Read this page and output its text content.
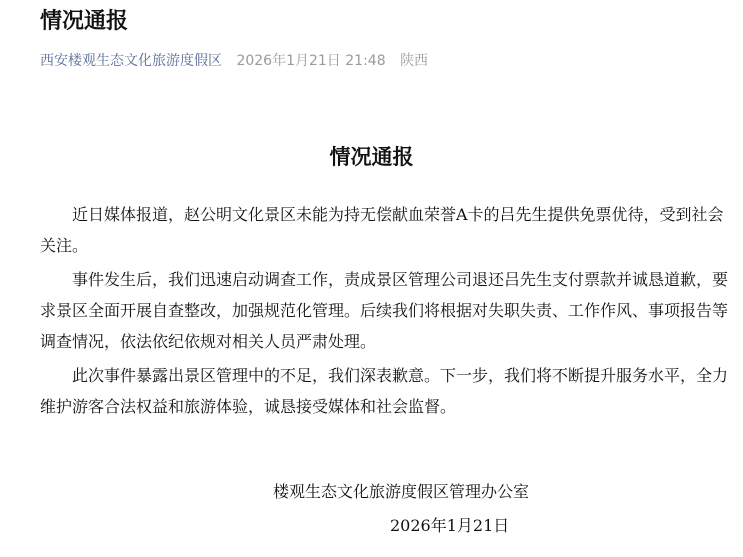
情况通报
西安楼观生态文化旅游度假区 2026年1月21日 21:48 陕西
情况通报

近日媒体报道，赵公明文化景区未能为持无偿献血荣誉A卡的吕先生提供免票优待，受到社会关注。

事件发生后，我们迅速启动调查工作，责成景区管理公司退还吕先生支付票款并诚恳道歉，要求景区全面开展自查整改，加强规范化管理。后续我们将根据对失职失责、工作作风、事项报告等调查情况，依法依纪依规对相关人员严肃处理。

此次事件暴露出景区管理中的不足，我们深表歉意。下一步，我们将不断提升服务水平，全力维护游客合法权益和旅游体验，诚恳接受媒体和社会监督。

楼观生态文化旅游度假区管理办公室
2026年1月21日
